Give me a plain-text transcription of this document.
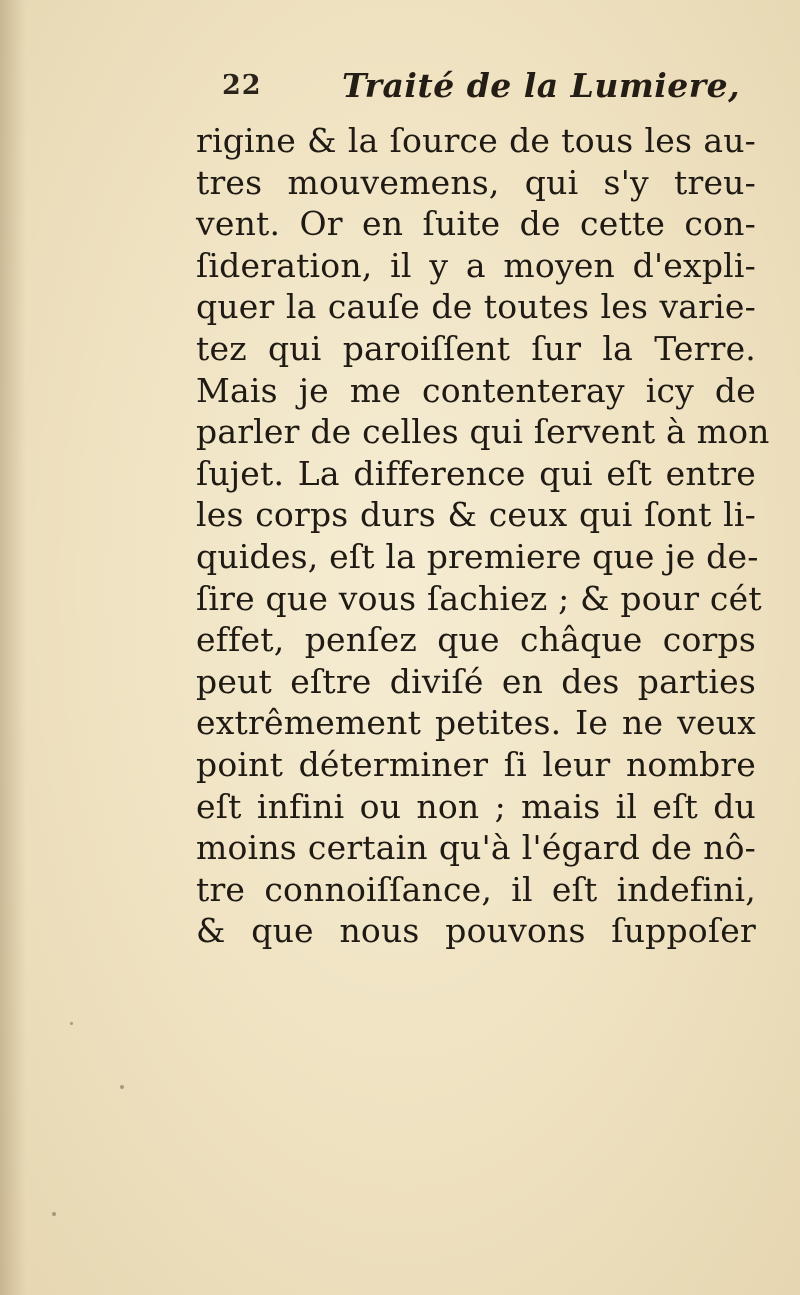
22 Traité de la Lumiere,
rigine & la ſource de tous les au-
tres mouvemens, qui s'y treu-
vent. Or en ſuite de cette con-
ſideration, il y a moyen d'expli-
quer la cauſe de toutes les varie-
tez qui paroiſſent ſur la Terre.
Mais je me contenteray icy de
parler de celles qui ſervent à mon
ſujet. La difference qui eſt entre
les corps durs & ceux qui ſont li-
quides, eſt la premiere que je de-
ſire que vous ſachiez ; & pour cét
effet, penſez que châque corps
peut eſtre diviſé en des parties
extrêmement petites. Ie ne veux
point déterminer ſi leur nombre
eſt infini ou non ; mais il eſt du
moins certain qu'à l'égard de nô-
tre connoiſſance, il eſt indefini,
& que nous pouvons ſuppoſer
